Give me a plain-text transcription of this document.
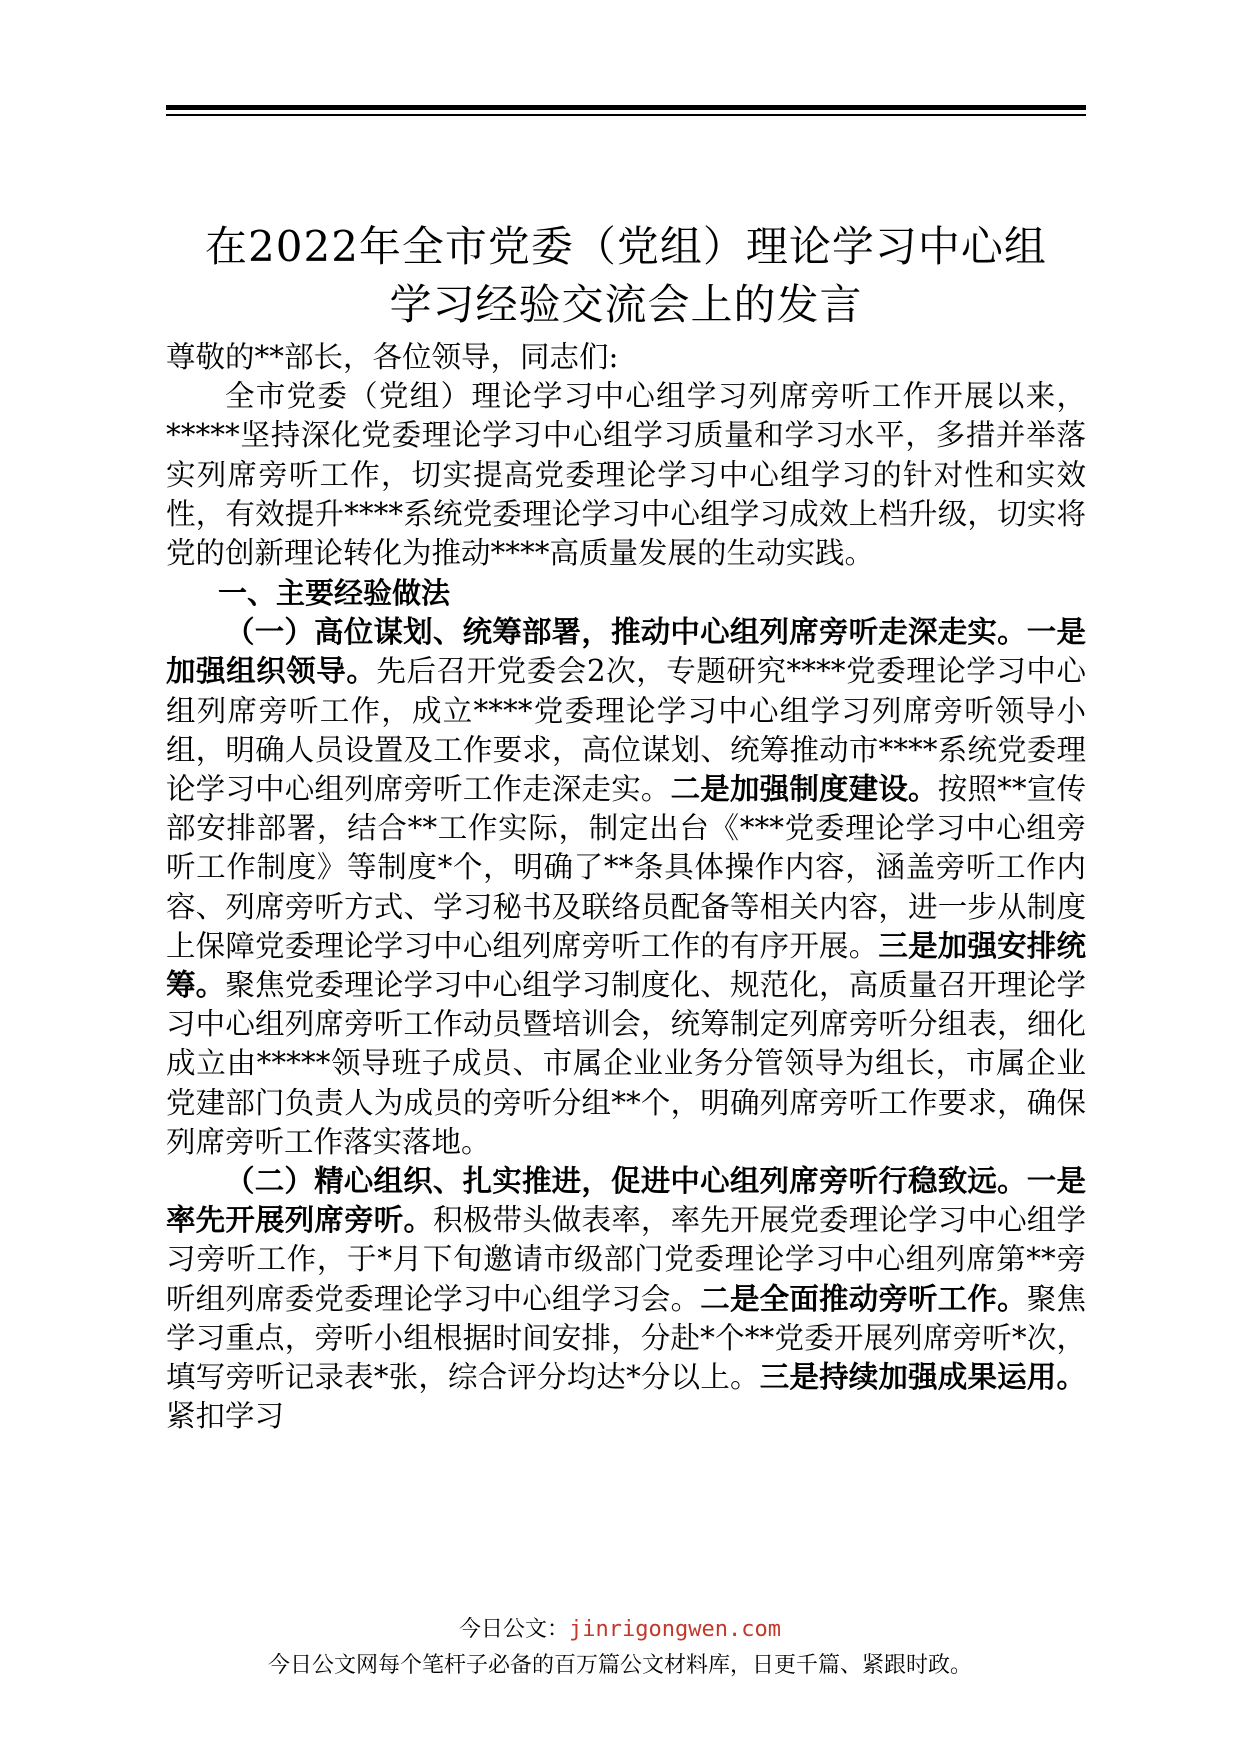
在2022年全市党委（党组）理论学习中心组
学习经验交流会上的发言

尊敬的**部长，各位领导，同志们:

全市党委（党组）理论学习中心组学习列席旁听工作开展以来，*****坚持深化党委理论学习中心组学习质量和学习水平，多措并举落实列席旁听工作，切实提高党委理论学习中心组学习的针对性和实效性，有效提升****系统党委理论学习中心组学习成效上档升级，切实将党的创新理论转化为推动****高质量发展的生动实践。

一、主要经验做法

（一）高位谋划、统筹部署，推动中心组列席旁听走深走实。一是加强组织领导。先后召开党委会2次，专题研究****党委理论学习中心组列席旁听工作，成立****党委理论学习中心组学习列席旁听领导小组，明确人员设置及工作要求，高位谋划、统筹推动市****系统党委理论学习中心组列席旁听工作走深走实。二是加强制度建设。按照**宣传部安排部署，结合**工作实际，制定出台《***党委理论学习中心组旁听工作制度》等制度*个，明确了**条具体操作内容，涵盖旁听工作内容、列席旁听方式、学习秘书及联络员配备等相关内容，进一步从制度上保障党委理论学习中心组列席旁听工作的有序开展。三是加强安排统筹。聚焦党委理论学习中心组学习制度化、规范化，高质量召开理论学习中心组列席旁听工作动员暨培训会，统筹制定列席旁听分组表，细化成立由*****领导班子成员、市属企业业务分管领导为组长，市属企业党建部门负责人为成员的旁听分组**个，明确列席旁听工作要求，确保列席旁听工作落实落地。

（二）精心组织、扎实推进，促进中心组列席旁听行稳致远。一是率先开展列席旁听。积极带头做表率，率先开展党委理论学习中心组学习旁听工作，于*月下旬邀请市级部门党委理论学习中心组列席第**旁听组列席委党委理论学习中心组学习会。二是全面推动旁听工作。聚焦学习重点，旁听小组根据时间安排，分赴*个**党委开展列席旁听*次，填写旁听记录表*张，综合评分均达*分以上。三是持续加强成果运用。紧扣学习

今日公文：jinrigongwen.com
今日公文网每个笔杆子必备的百万篇公文材料库，日更千篇、紧跟时政。
